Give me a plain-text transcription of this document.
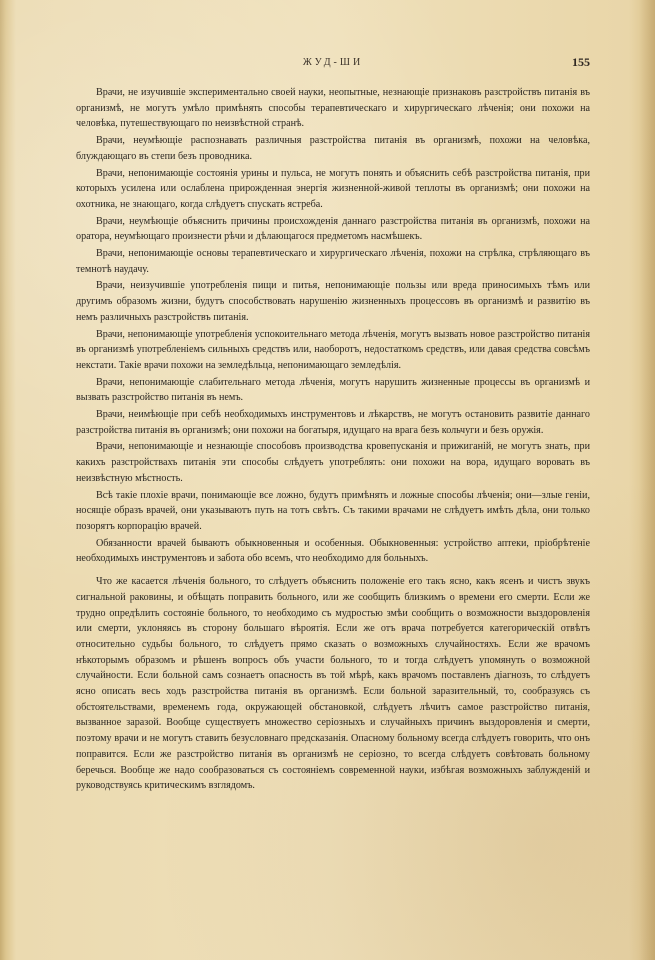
ЖУД-ШИ	155

Врачи, не изучившіе экспериментально своей науки, неопытные, незнающіе признаковъ разстройствъ питанія въ организмѣ, не могутъ умѣло примѣнять способы терапевтическаго и хирургическаго лѣченія; они похожи на человѣка, путешествующаго по неизвѣстной странѣ.

Врачи, неумѣющіе распознавать различныя разстройства питанія въ организмѣ, похожи на человѣка, блуждающаго въ степи безъ проводника.

Врачи, непонимающіе состоянія урины и пульса, не могутъ понять и объяснить себѣ разстройства питанія, при которыхъ усилена или ослаблена прирожденная энергія жизненной-живой теплоты въ организмѣ; они похожи на охотника, не знающаго, когда слѣдуетъ спускать ястреба.

Врачи, неумѣющіе объяснить причины происхожденія даннаго разстройства питанія въ организмѣ, похожи на оратора, неумѣющаго произнести рѣчи и дѣлающагося предметомъ насмѣшекъ.

Врачи, непонимающіе основы терапевтическаго и хирургическаго лѣченія, похожи на стрѣлка, стрѣляющаго въ темнотѣ наудачу.

Врачи, неизучившіе употребленія пищи и питья, непонимающіе пользы или вреда приносимыхъ тѣмъ или другимъ образомъ жизни, будутъ способствовать нарушенію жизненныхъ процессовъ въ организмѣ и развитію въ немъ различныхъ разстройствъ питанія.

Врачи, непонимающіе употребленія успокоительнаго метода лѣченія, могутъ вызвать новое разстройство питанія въ организмѣ употребленіемъ сильныхъ средствъ или, наоборотъ, недостаткомъ средствъ, или давая средства совсѣмъ некстати. Такіе врачи похожи на земледѣльца, непонимающаго земледѣлія.

Врачи, непонимающіе слабительнаго метода лѣченія, могутъ нарушить жизненные процессы въ организмѣ и вызвать разстройство питанія въ немъ.

Врачи, неимѣющіе при себѣ необходимыхъ инструментовъ и лѣкарствъ, не могутъ остановить развитіе даннаго разстройства питанія въ организмѣ; они похожи на богатыря, идущаго на врага безъ кольчуги и безъ оружія.

Врачи, непонимающіе и незнающіе способовъ производства кровепусканія и прижиганій, не могутъ знать, при какихъ разстройствахъ питанія эти способы слѣдуетъ употреблять: они похожи на вора, идущаго воровать въ неизвѣстную мѣстность.

Всѣ такіе плохіе врачи, понимающіе все ложно, будутъ примѣнять и ложные способы лѣченія; они—злые геніи, носящіе образъ врачей, они указываютъ путь на тотъ свѣтъ. Съ такими врачами не слѣдуетъ имѣть дѣла, они только позорятъ корпорацію врачей.

Обязанности врачей бываютъ обыкновенныя и особенныя. Обыкновенныя: устройство аптеки, пріобрѣтеніе необходимыхъ инструментовъ и забота обо всемъ, что необходимо для больныхъ.

Что же касается лѣченія больного, то слѣдуетъ объяснить положеніе его такъ ясно, какъ ясенъ и чистъ звукъ сигнальной раковины, и обѣщать поправить больного, или же сообщить близкимъ о времени его смерти. Если же трудно опредѣлить состояніе больного, то необходимо съ мудростью змѣи сообщить о возможности выздоровленія или смерти, уклоняясь въ сторону большаго вѣроятія. Если же отъ врача потребуется категорическій отвѣтъ относительно судьбы больного, то слѣдуетъ прямо сказать о возможныхъ случайностяхъ. Если же врачомъ нѣкоторымъ образомъ и рѣшенъ вопросъ объ участи больного, то и тогда слѣдуетъ упомянуть о возможной случайности. Если больной самъ сознаетъ опасность въ той мѣрѣ, какъ врачомъ поставленъ діагнозъ, то слѣдуетъ ясно описать весь ходъ разстройства питанія въ организмѣ. Если больной заразительный, то, сообразуясь съ обстоятельствами, временемъ года, окружающей обстановкой, слѣдуетъ лѣчитъ самое разстройство питанія, вызванное заразой. Вообще существуетъ множество серіозныхъ и случайныхъ причинъ выздоровленія и смерти, поэтому врачи и не могутъ ставить безусловнаго предсказанія. Опасному больному всегда слѣдуетъ говорить, что онъ поправится. Если же разстройство питанія въ организмѣ не серіозно, то всегда слѣдуетъ совѣтовать больному беречься. Вообще же надо сообразоваться съ состояніемъ современной науки, избѣгая возможныхъ заблужденій и руководствуясь критическимъ взглядомъ.
